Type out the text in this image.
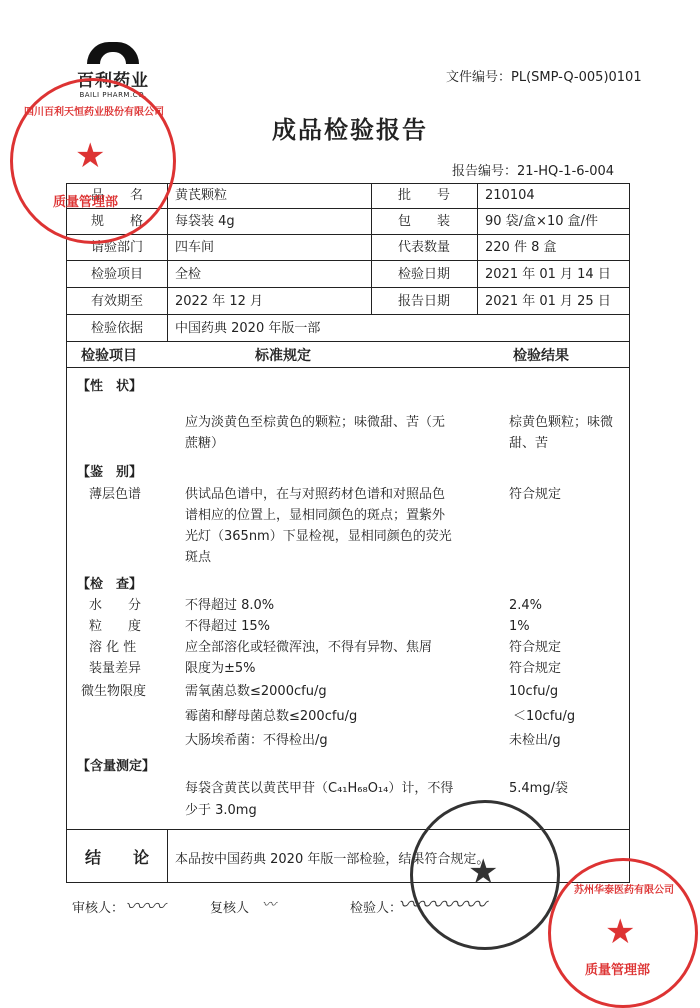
百利药业
BAILI PHARM.CO.
文件编号：PL(SMP-Q-005)0101
成品检验报告
报告编号：21-HQ-1-6-004
品　　名	黄芪颗粒	批　　号	210104
规　　格	每袋装 4g	包　　装	90 袋/盒×10 盒/件
请验部门	四车间	代表数量	220 件 8 盒
检验项目	全检	检验日期	2021 年 01 月 14 日
有效期至	2022 年 12 月	报告日期	2021 年 01 月 25 日
检验依据	中国药典 2020 年版一部
检验项目	标准规定	检验结果
【性　状】
应为淡黄色至棕黄色的颗粒；味微甜、苦（无
蔗糖）
棕黄色颗粒；味微
甜、苦
【鉴　别】
薄层色谱	供试品色谱中，在与对照药材色谱和对照品色
谱相应的位置上，显相同颜色的斑点；置紫外
光灯（365nm）下显检视，显相同颜色的荧光
斑点
符合规定
【检　查】
水　　分	不得超过 8.0%	2.4%
粒　　度	不得超过 15%	1%
溶 化 性	应全部溶化或轻微浑浊，不得有异物、焦屑	符合规定
装量差异	限度为±5%	符合规定
微生物限度	需氧菌总数≤2000cfu/g	10cfu/g
霉菌和酵母菌总数≤200cfu/g	＜10cfu/g
大肠埃希菌：不得检出/g	未检出/g
【含量测定】
每袋含黄芪以黄芪甲苷（C₄₁H₆₈O₁₄）计，不得
少于 3.0mg
5.4mg/袋
结　　论	本品按中国药典 2020 年版一部检验，结果符合规定。
审核人： 〰〰	复核人 〰	检验人：
〰〰〰〰
★
四川百利天恒药业股份有限公司
质量管理部
★
★
苏州华泰医药有限公司
质量管理部
